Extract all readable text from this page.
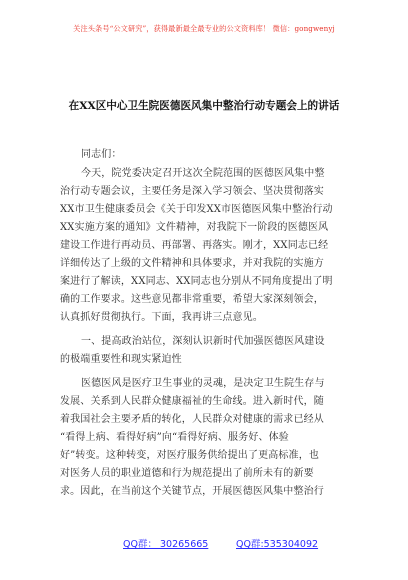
关注头条号“公文研究”，获得最新最全最专业的公文资料库！ 微信：gongwenyj
在XX区中心卫生院医德医风集中整治行动专题会上的讲话
同志们：
今天，院党委决定召开这次全院范围的医德医风集中整
治行动专题会议，主要任务是深入学习领会、坚决贯彻落实
XX市卫生健康委员会《关于印发XX市医德医风集中整治行动
XX实施方案的通知》文件精神，对我院下一阶段的医德医风
建设工作进行再动员、再部署、再落实。刚才，XX同志已经
详细传达了上级的文件精神和具体要求，并对我院的实施方
案进行了解读，XX同志、XX同志也分别从不同角度提出了明
确的工作要求。这些意见都非常重要，希望大家深刻领会，
认真抓好贯彻执行。下面，我再讲三点意见。
一、提高政治站位，深刻认识新时代加强医德医风建设
的极端重要性和现实紧迫性
医德医风是医疗卫生事业的灵魂，是决定卫生院生存与
发展、关系到人民群众健康福祉的生命线。进入新时代，随
着我国社会主要矛盾的转化，人民群众对健康的需求已经从
“看得上病、看得好病”向“看得好病、服务好、体验
好”转变。这种转变，对医疗服务供给提出了更高标准，也
对医务人员的职业道德和行为规范提出了前所未有的新要
求。因此，在当前这个关键节点，开展医德医风集中整治行
QQ群： 30265665	QQ群:535304092
